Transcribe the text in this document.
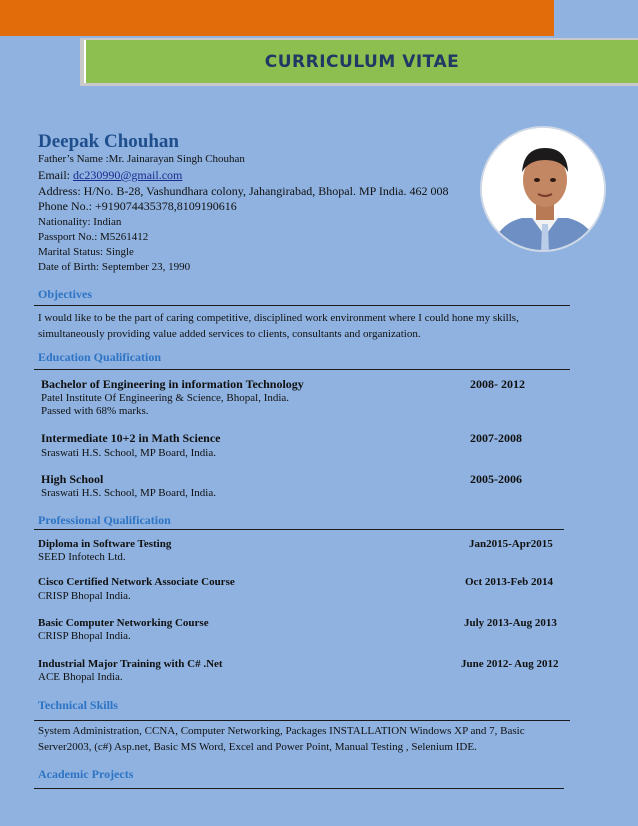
CURRICULUM VITAE
Deepak Chouhan
Father’s Name :Mr. Jainarayan Singh Chouhan
Email: dc230990@gmail.com
Address: H/No. B-28, Vashundhara colony, Jahangirabad, Bhopal. MP India. 462 008
Phone No.: +919074435378,8109190616
Nationality: Indian
Passport No.: M5261412
Marital Status: Single
Date of Birth: September 23, 1990
Objectives
I would like to be the part of caring competitive, disciplined work environment where I could hone my skills, simultaneously providing value added services to clients, consultants and organization.
Education Qualification
Bachelor of Engineering in information Technology	2008- 2012
Patel Institute Of Engineering & Science, Bhopal, India.
Passed with 68% marks.
Intermediate 10+2 in Math Science	2007-2008
Sraswati H.S. School, MP Board, India.
High School	2005-2006
Sraswati H.S. School, MP Board, India.
Professional Qualification
Diploma in Software Testing	Jan2015-Apr2015
SEED Infotech Ltd.
Cisco Certified Network Associate Course	Oct 2013-Feb 2014
CRISP Bhopal India.
Basic Computer Networking Course	July 2013-Aug 2013
CRISP Bhopal India.
Industrial Major Training with C# .Net	June 2012- Aug 2012
ACE Bhopal India.
Technical Skills
System Administration, CCNA, Computer Networking, Packages INSTALLATION Windows XP and 7, Basic Server2003, (c#) Asp.net, Basic MS Word, Excel and Power Point, Manual Testing , Selenium IDE.
Academic Projects
